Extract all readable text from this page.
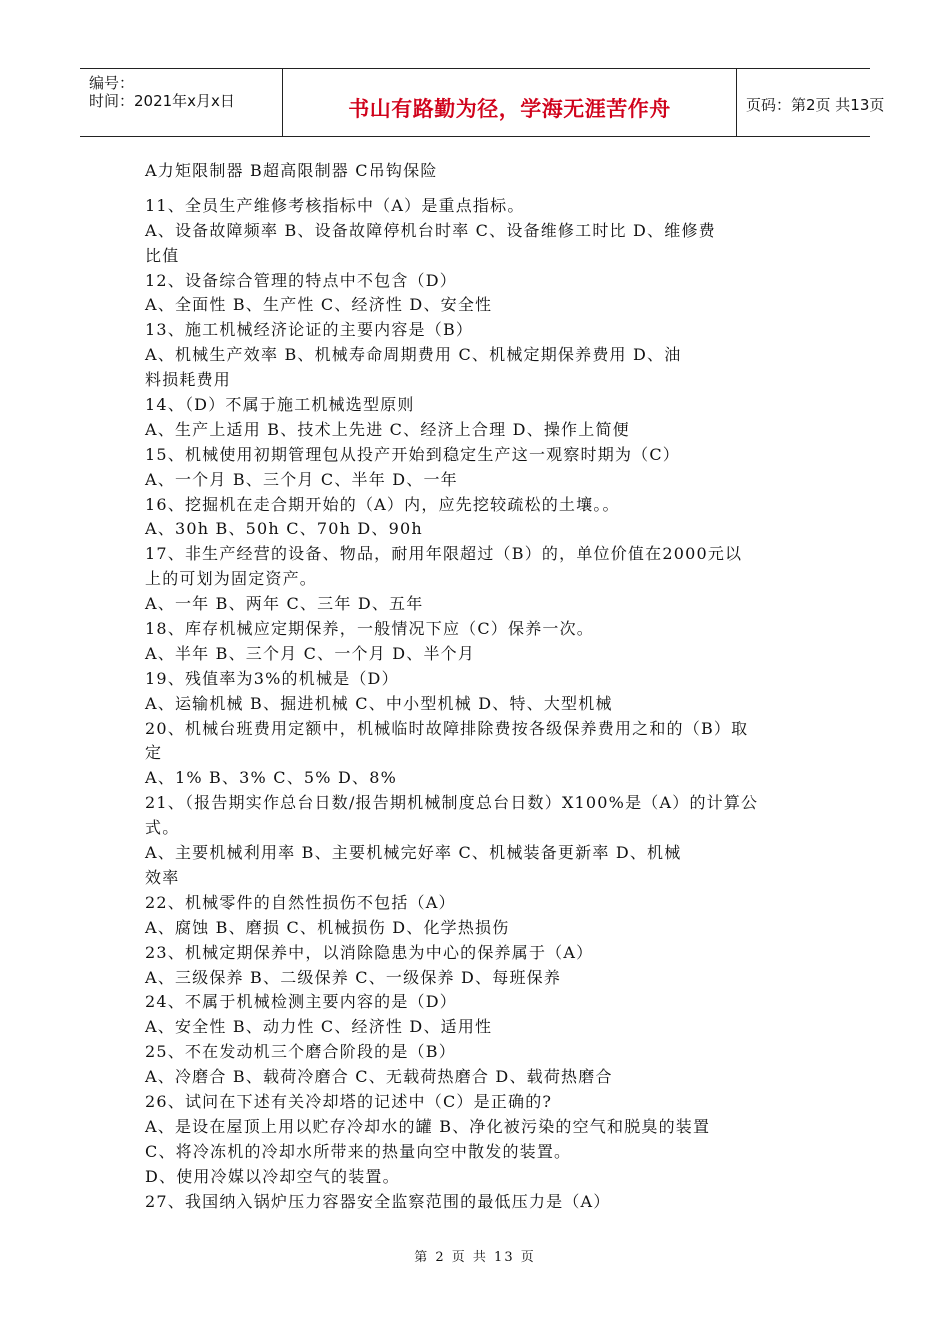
编号：
时间：2021年x月x日	书山有路勤为径，学海无涯苦作舟	页码：第2页 共13页
A力矩限制器 B超高限制器 C吊钩保险
11、全员生产维修考核指标中（A）是重点指标。
A、设备故障频率 B、设备故障停机台时率 C、设备维修工时比 D、维修费
比值
12、设备综合管理的特点中不包含（D）
A、全面性 B、生产性 C、经济性 D、安全性
13、施工机械经济论证的主要内容是（B）
A、机械生产效率 B、机械寿命周期费用 C、机械定期保养费用 D、油
料损耗费用
14、（D）不属于施工机械选型原则
A、生产上适用 B、技术上先进 C、经济上合理 D、操作上简便
15、机械使用初期管理包从投产开始到稳定生产这一观察时期为（C）
A、一个月 B、三个月 C、半年 D、一年
16、挖掘机在走合期开始的（A）内，应先挖较疏松的土壤。。
A、30h B、50h C、70h D、90h
17、非生产经营的设备、物品，耐用年限超过（B）的，单位价值在2000元以
上的可划为固定资产。
A、一年 B、两年 C、三年 D、五年
18、库存机械应定期保养，一般情况下应（C）保养一次。
A、半年 B、三个月 C、一个月 D、半个月
19、残值率为3%的机械是（D）
A、运输机械 B、掘进机械 C、中小型机械 D、特、大型机械
20、机械台班费用定额中，机械临时故障排除费按各级保养费用之和的（B）取
定
A、1% B、3% C、5% D、8%
21、（报告期实作总台日数/报告期机械制度总台日数）X100%是（A）的计算公
式。
A、主要机械利用率 B、主要机械完好率 C、机械装备更新率 D、机械
效率
22、机械零件的自然性损伤不包括（A）
A、腐蚀 B、磨损 C、机械损伤 D、化学热损伤
23、机械定期保养中，以消除隐患为中心的保养属于（A）
A、三级保养 B、二级保养 C、一级保养 D、每班保养
24、不属于机械检测主要内容的是（D）
A、安全性 B、动力性 C、经济性 D、适用性
25、不在发动机三个磨合阶段的是（B）
A、冷磨合 B、载荷冷磨合 C、无载荷热磨合 D、载荷热磨合
26、试问在下述有关冷却塔的记述中（C）是正确的?
A、是设在屋顶上用以贮存冷却水的罐 B、净化被污染的空气和脱臭的装置
C、将冷冻机的冷却水所带来的热量向空中散发的装置。
D、使用冷媒以冷却空气的装置。
27、我国纳入锅炉压力容器安全监察范围的最低压力是（A）
第 2 页 共 13 页
